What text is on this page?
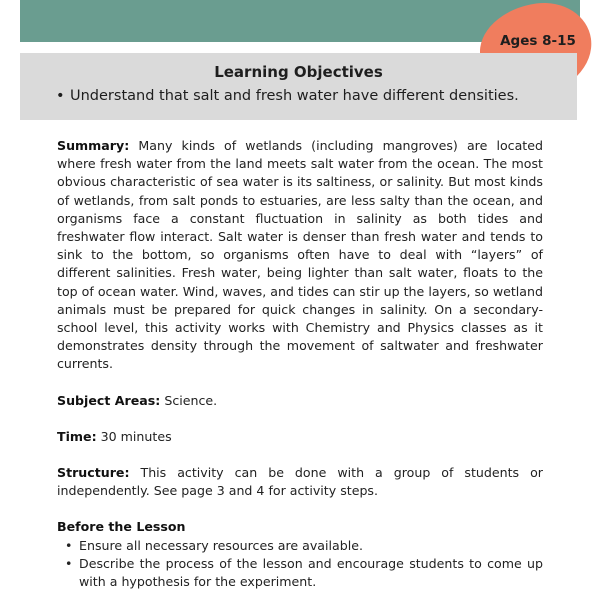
Ages 8-15
Learning Objectives
• Understand that salt and fresh water have different densities.

Summary: Many kinds of wetlands (including mangroves) are located where fresh water from the land meets salt water from the ocean. The most obvious characteristic of sea water is its saltiness, or salinity. But most kinds of wetlands, from salt ponds to estuaries, are less salty than the ocean, and organisms face a constant fluctuation in salinity as both tides and freshwater flow interact. Salt water is denser than fresh water and tends to sink to the bottom, so organisms often have to deal with “layers” of different salinities. Fresh water, being lighter than salt water, floats to the top of ocean water. Wind, waves, and tides can stir up the layers, so wetland animals must be prepared for quick changes in salinity. On a secondary- school level, this activity works with Chemistry and Physics classes as it demonstrates density through the movement of saltwater and freshwater currents.

Subject Areas: Science.

Time: 30 minutes

Structure: This activity can be done with a group of students or independently. See page 3 and 4 for activity steps.

Before the Lesson
• Ensure all necessary resources are available.
• Describe the process of the lesson and encourage students to come up with a hypothesis for the experiment.
